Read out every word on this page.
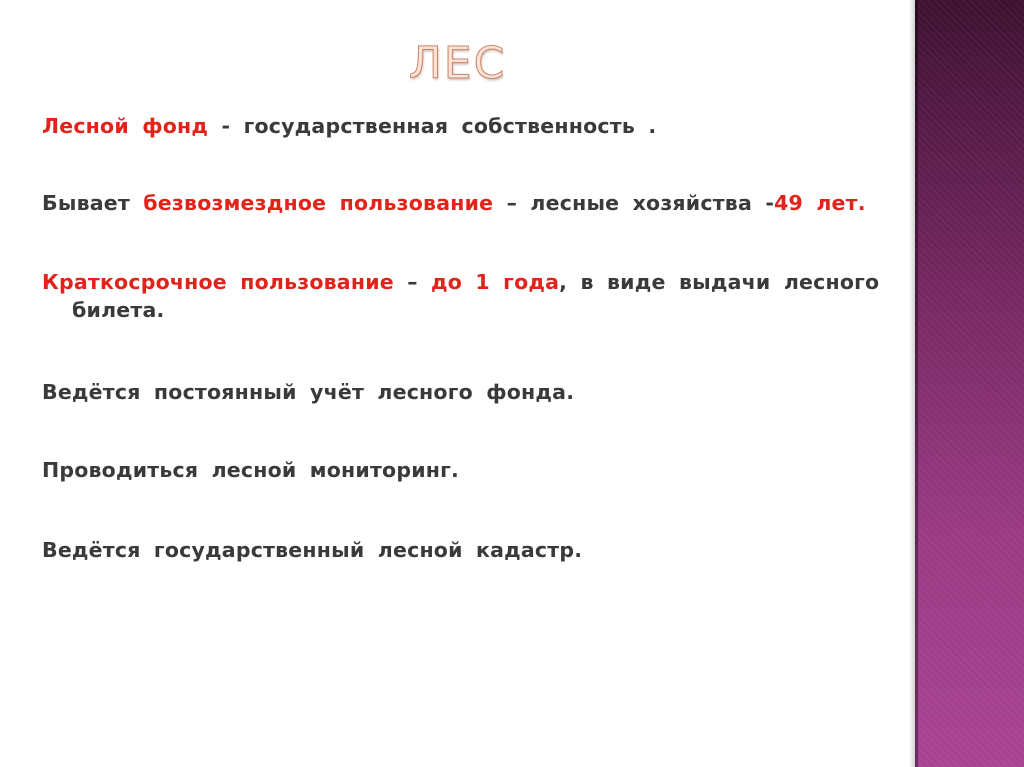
ЛЕС

Лесной фонд - государственная собственность .

Бывает безвозмездное пользование – лесные хозяйства -49 лет.

Краткосрочное пользование – до 1 года, в виде выдачи лесного
билета.

Ведётся постоянный учёт лесного фонда.

Проводиться лесной мониторинг.

Ведётся государственный лесной кадастр.
